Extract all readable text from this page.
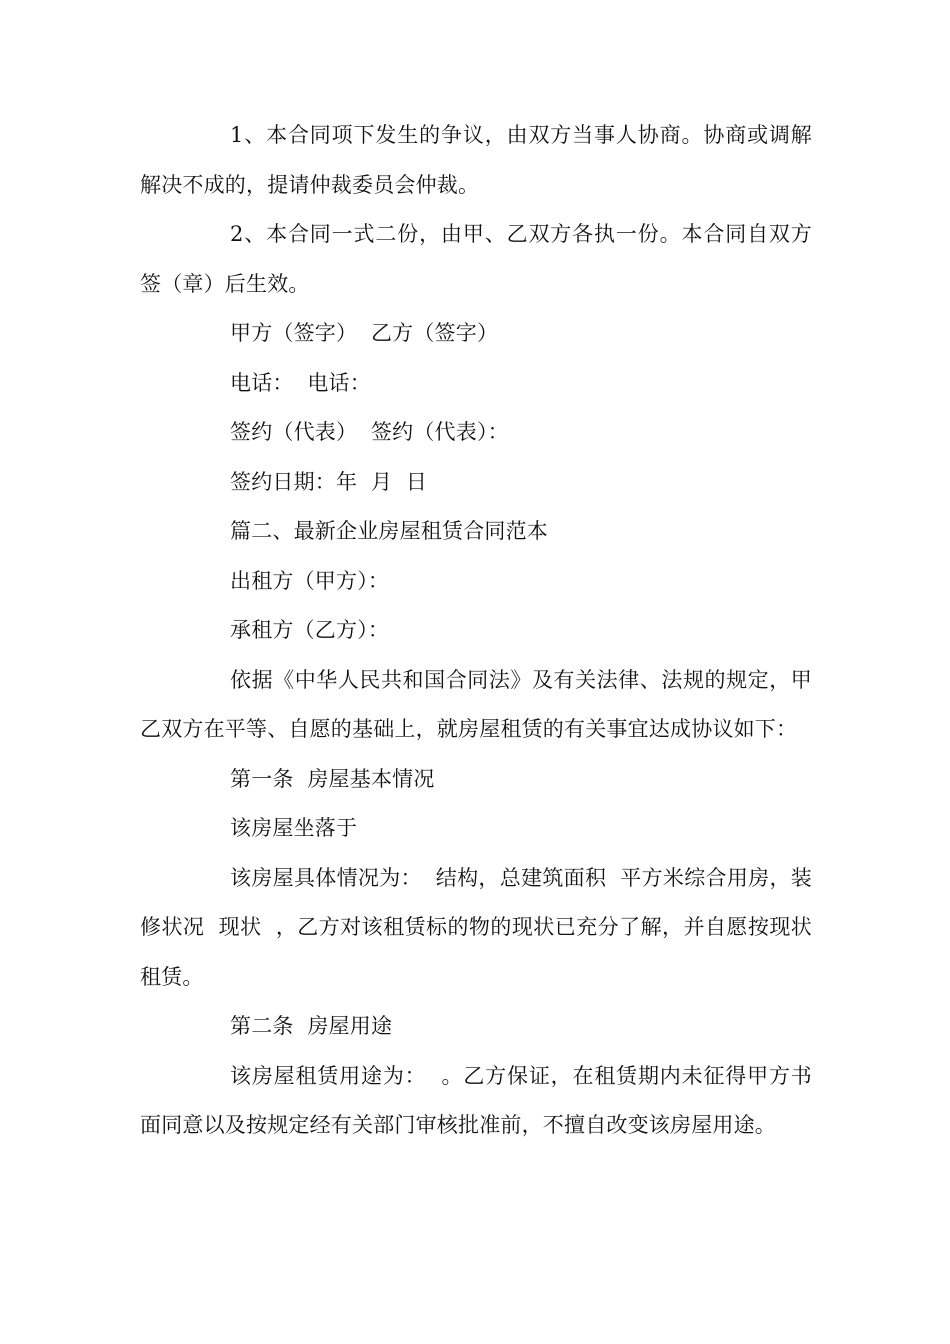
1、本合同项下发生的争议，由双方当事人协商。协商或调解解决不成的，提请仲裁委员会仲裁。

2、本合同一式二份，由甲、乙双方各执一份。本合同自双方签（章）后生效。

甲方（签字）  乙方（签字）

电话：  电话：

签约（代表）  签约（代表）：

签约日期：年  月  日

篇二、最新企业房屋租赁合同范本

出租方（甲方）：

承租方（乙方）：

依据《中华人民共和国合同法》及有关法律、法规的规定，甲乙双方在平等、自愿的基础上，就房屋租赁的有关事宜达成协议如下：

第一条  房屋基本情况

该房屋坐落于

该房屋具体情况为：  结构，总建筑面积  平方米综合用房，装修状况  现状  ，乙方对该租赁标的物的现状已充分了解，并自愿按现状租赁。

第二条  房屋用途

该房屋租赁用途为：  。乙方保证，在租赁期内未征得甲方书面同意以及按规定经有关部门审核批准前，不擅自改变该房屋用途。
